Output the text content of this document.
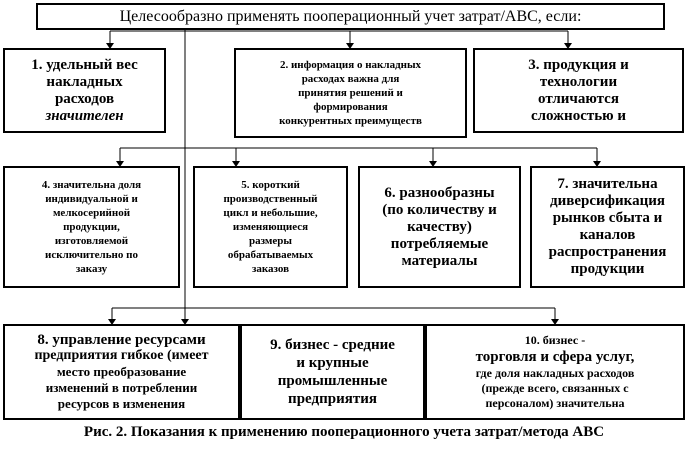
Целесообразно применять пооперационный учет затрат/ABC, если:
1. удельный вес
накладных
расходов
значителен
2. информация о накладных
расходах важна для
принятия решений и
формирования
конкурентных преимуществ
3. продукция и
технологии
отличаются
сложностью и
4. значительна доля
индивидуальной и
мелкосерийной
продукции,
изготовляемой
исключительно по
заказу
5. короткий
производственный
цикл и небольшие,
изменяющиеся
размеры
обрабатываемых
заказов
6. разнообразны
(по количеству и
качеству)
потребляемые
материалы
7. значительна
диверсификация
рынков сбыта и
каналов
распространения
продукции
8. управление ресурсами
предприятия гибкое (имеет
место преобразование
изменений в потреблении
ресурсов в изменения
9. бизнес - средние
и крупные
промышленные
предприятия
10. бизнес -
торговля и сфера услуг,
где доля накладных расходов
(прежде всего, связанных с
персоналом) значительна
Рис. 2. Показания к применению пооперационного учета затрат/метода ABC
